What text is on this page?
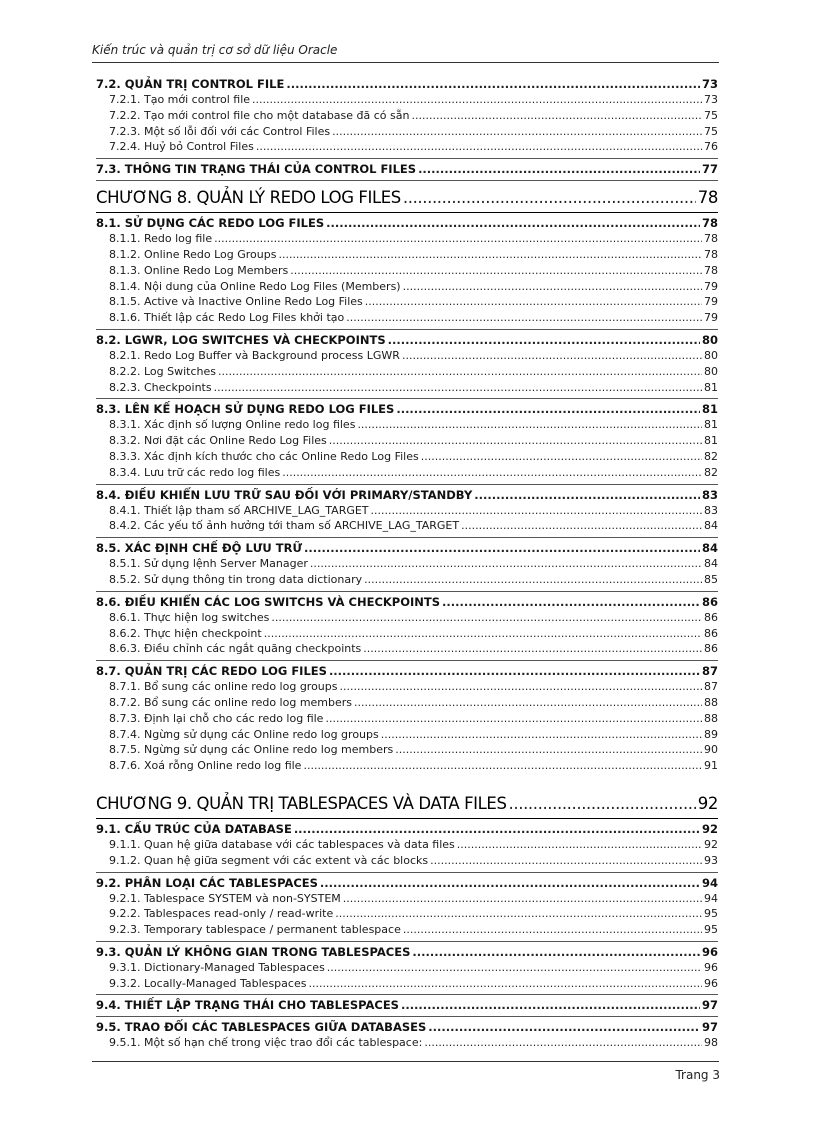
Kiến trúc và quản trị cơ sở dữ liệu Oracle
7.2. QUẢN TRỊ CONTROL FILE .....	73
7.2.1. Tạo mới control file .....	73
7.2.2. Tạo mới control file cho một database đã có sẵn .....	75
7.2.3. Một số lỗi đối với các Control Files .....	75
7.2.4. Huỷ bỏ Control Files .....	76
7.3. THÔNG TIN TRẠNG THÁI CỦA CONTROL FILES .....	77
CHƯƠNG 8. QUẢN LÝ REDO LOG FILES .....	78
8.1. SỬ DỤNG CÁC REDO LOG FILES .....	78
8.1.1. Redo log file .....	78
8.1.2. Online Redo Log Groups .....	78
8.1.3. Online Redo Log Members .....	78
8.1.4. Nội dung của Online Redo Log Files (Members) .....	79
8.1.5. Active và Inactive Online Redo Log Files .....	79
8.1.6. Thiết lập các Redo Log Files khởi tạo .....	79
8.2. LGWR, LOG SWITCHES VÀ CHECKPOINTS .....	80
8.2.1. Redo Log Buffer và Background process LGWR .....	80
8.2.2. Log Switches .....	80
8.2.3. Checkpoints .....	81
8.3. LÊN KẾ HOẠCH SỬ DỤNG REDO LOG FILES .....	81
8.3.1. Xác định số lượng Online redo log files .....	81
8.3.2. Nơi đặt các Online Redo Log Files .....	81
8.3.3. Xác định kích thước cho các Online Redo Log Files .....	82
8.3.4. Lưu trữ các redo log files .....	82
8.4. ĐIỀU KHIỂN LƯU TRỮ SAU ĐỐI VỚI PRIMARY/STANDBY .....	83
8.4.1. Thiết lập tham số ARCHIVE_LAG_TARGET .....	83
8.4.2. Các yếu tố ảnh hưởng tới tham số ARCHIVE_LAG_TARGET .....	84
8.5. XÁC ĐỊNH CHẾ ĐỘ LƯU TRỮ .....	84
8.5.1. Sử dụng lệnh Server Manager .....	84
8.5.2. Sử dụng thông tin trong data dictionary .....	85
8.6. ĐIỀU KHIỂN CÁC LOG SWITCHS VÀ CHECKPOINTS .....	86
8.6.1. Thực hiện log switches .....	86
8.6.2. Thực hiện checkpoint .....	86
8.6.3. Điều chỉnh các ngắt quãng checkpoints .....	86
8.7. QUẢN TRỊ CÁC REDO LOG FILES .....	87
8.7.1. Bổ sung các online redo log groups .....	87
8.7.2. Bổ sung các online redo log members .....	88
8.7.3. Định lại chỗ cho các redo log file .....	88
8.7.4. Ngừng sử dụng các Online redo log groups .....	89
8.7.5. Ngừng sử dụng các Online redo log members .....	90
8.7.6. Xoá rỗng Online redo log file .....	91
CHƯƠNG 9. QUẢN TRỊ TABLESPACES VÀ DATA FILES .....	92
9.1. CẤU TRÚC CỦA DATABASE .....	92
9.1.1. Quan hệ giữa database với các tablespaces và data files .....	92
9.1.2. Quan hệ giữa segment với các extent và các blocks .....	93
9.2. PHÂN LOẠI CÁC TABLESPACES .....	94
9.2.1. Tablespace SYSTEM và non-SYSTEM .....	94
9.2.2. Tablespaces read-only / read-write .....	95
9.2.3. Temporary tablespace / permanent tablespace .....	95
9.3. QUẢN LÝ KHÔNG GIAN TRONG TABLESPACES .....	96
9.3.1. Dictionary-Managed Tablespaces .....	96
9.3.2. Locally-Managed Tablespaces .....	96
9.4. THIẾT LẬP TRẠNG THÁI CHO TABLESPACES .....	97
9.5. TRAO ĐỔI CÁC TABLESPACES GIỮA DATABASES .....	97
9.5.1. Một số hạn chế trong việc trao đổi các tablespace: .....	98
Trang 3
